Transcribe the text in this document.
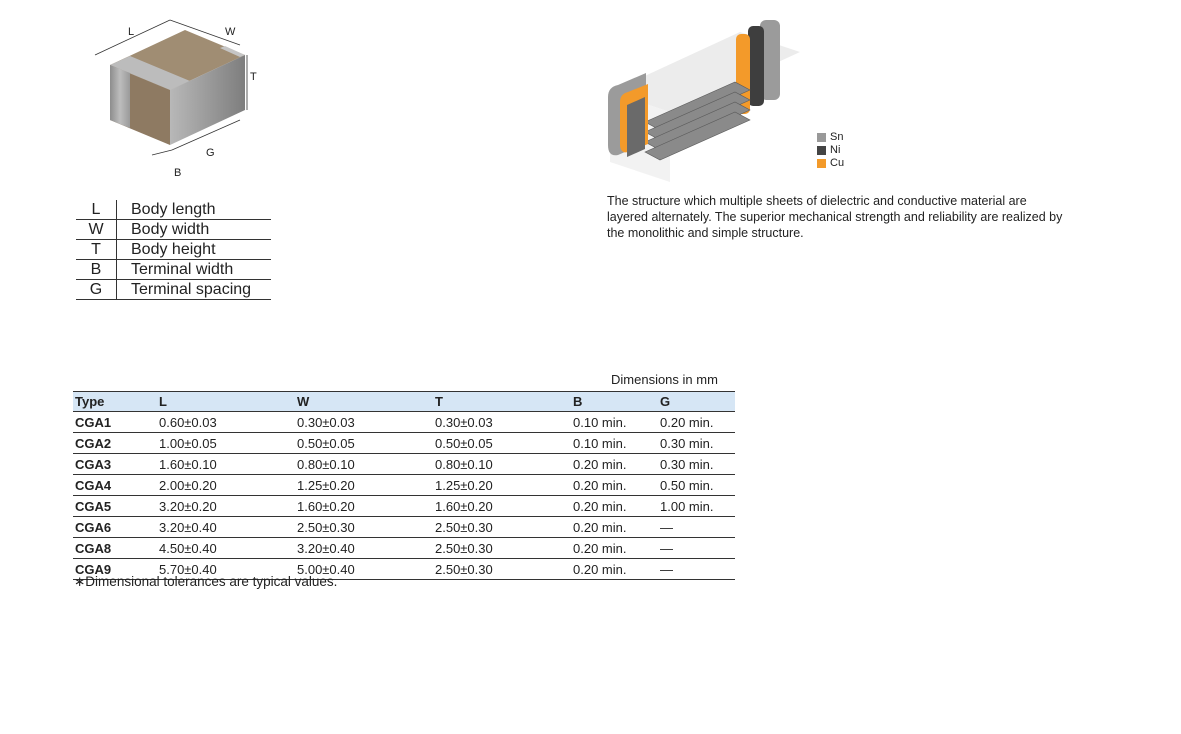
L	W
T
B
G
L	Body length
W	Body width
T	Body height
B	Terminal width
G	Terminal spacing
Sn
Ni
Cu
The structure which multiple sheets of dielectric and conductive material are layered alternately. The superior mechanical strength and reliability are realized by the monolithic and simple structure.
Dimensions in mm
Type	L	W	T	B	G
CGA1	0.60±0.03	0.30±0.03	0.30±0.03	0.10 min.	0.20 min.
CGA2	1.00±0.05	0.50±0.05	0.50±0.05	0.10 min.	0.30 min.
CGA3	1.60±0.10	0.80±0.10	0.80±0.10	0.20 min.	0.30 min.
CGA4	2.00±0.20	1.25±0.20	1.25±0.20	0.20 min.	0.50 min.
CGA5	3.20±0.20	1.60±0.20	1.60±0.20	0.20 min.	1.00 min.
CGA6	3.20±0.40	2.50±0.30	2.50±0.30	0.20 min.	—
CGA8	4.50±0.40	3.20±0.40	2.50±0.30	0.20 min.	—
CGA9	5.70±0.40	5.00±0.40	2.50±0.30	0.20 min.	—
∗Dimensional tolerances are typical values.
